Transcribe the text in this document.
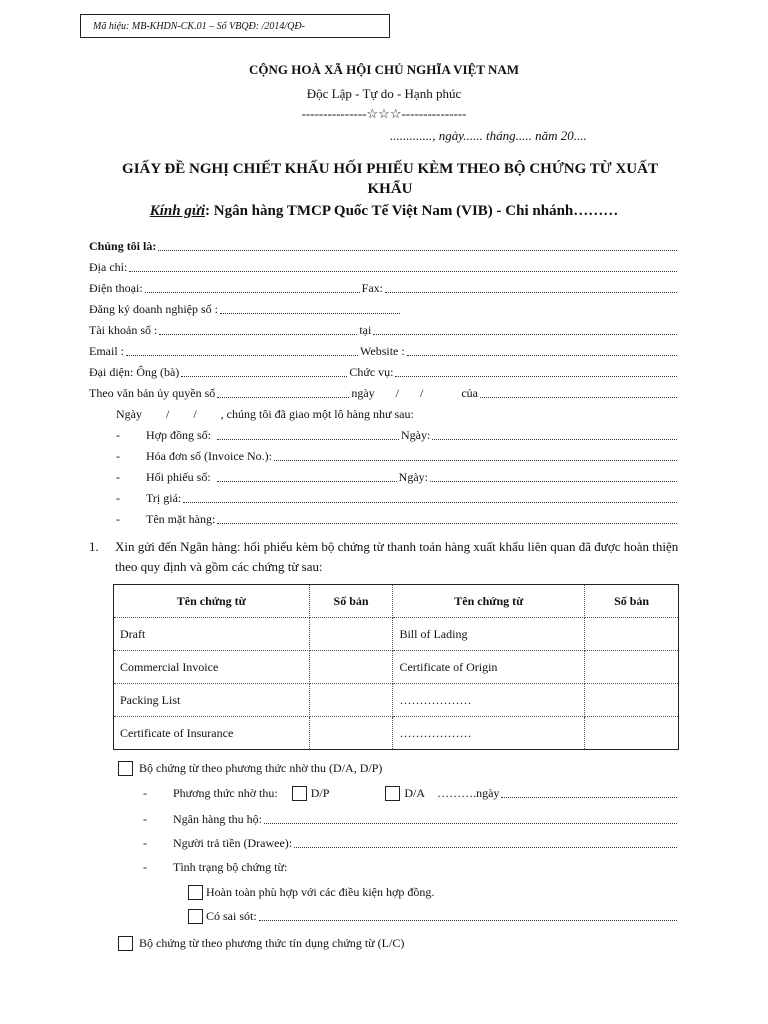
Mã hiệu: MB-KHDN-CK.01 – Số VBQĐ: /2014/QĐ-
CỘNG HOÀ XÃ HỘI CHỦ NGHĨA VIỆT NAM
Độc Lập - Tự do - Hạnh phúc
---------------☆☆☆---------------
............., ngày...... tháng..... năm 20....
GIẤY ĐỀ NGHỊ CHIẾT KHẤU HỐI PHIẾU KÈM THEO BỘ CHỨNG TỪ XUẤT KHẨU
Kính gửi: Ngân hàng TMCP Quốc Tế Việt Nam (VIB) - Chi nhánh………
Chúng tôi là:
Địa chỉ:
Điện thoại:	Fax:
Đăng ký doanh nghiệp số :
Tài khoản số :	tại
Email :	Website :
Đại diện: Ông (bà)	Chức vụ:
Theo văn bản ủy quyền số	ngày       /       /	của
Ngày        /        /        , chúng tôi đã giao một lô hàng như sau:
-	Hợp đồng số:	Ngày:
-	Hóa đơn số (Invoice No.):
-	Hối phiếu số:	Ngày:
-	Trị giá:
-	Tên mặt hàng:
1. Xin gửi đến Ngân hàng: hối phiếu kèm bộ chứng từ thanh toán hàng xuất khẩu liên quan đã được hoàn thiện theo quy định và gồm các chứng từ sau:
Tên chứng từ	Số bản	Tên chứng từ	Số bản
Draft		Bill of Lading	
Commercial Invoice		Certificate of Origin	
Packing List		………………	
Certificate of Insurance		………………	
Bộ chứng từ theo phương thức nhờ thu (D/A, D/P)
-	Phương thức nhờ thu:	D/P	D/A ……….ngày
-	Ngân hàng thu hộ:
-	Người trả tiền (Drawee):
-	Tình trạng bộ chứng từ:
Hoàn toàn phù hợp với các điều kiện hợp đồng.
Có sai sót:
Bộ chứng từ theo phương thức tín dụng chứng từ (L/C)
